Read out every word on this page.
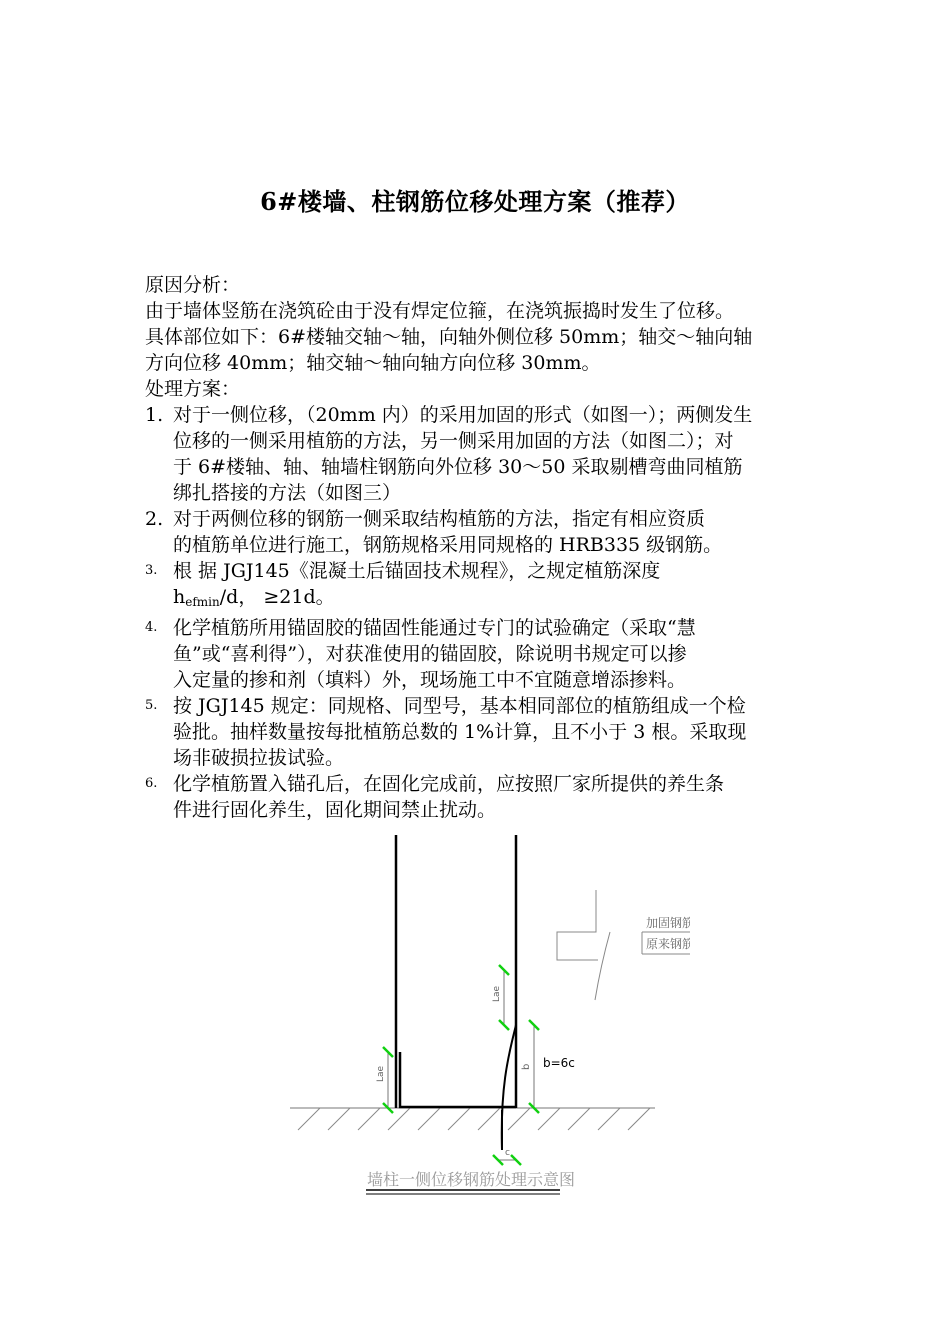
6#楼墙、柱钢筋位移处理方案（推荐）
原因分析：
由于墙体竖筋在浇筑砼由于没有焊定位箍，在浇筑振捣时发生了位移。
具体部位如下：6#楼轴交轴～轴，向轴外侧位移 50mm；轴交～轴向轴
方向位移 40mm；轴交轴～轴向轴方向位移 30mm。
处理方案：
1. 对于一侧位移，（20mm 内）的采用加固的形式（如图一）；两侧发生
位移的一侧采用植筋的方法，另一侧采用加固的方法（如图二）；对
于 6#楼轴、轴、轴墙柱钢筋向外位移 30～50 采取剔槽弯曲同植筋
绑扎搭接的方法（如图三）
2. 对于两侧位移的钢筋一侧采取结构植筋的方法，指定有相应资质
的植筋单位进行施工，钢筋规格采用同规格的 HRB335 级钢筋。
3. 根 据 JGJ145《混凝土后锚固技术规程》，之规定植筋深度
$h_{efmin}/d$， ≥21d。
4. 化学植筋所用锚固胶的锚固性能通过专门的试验确定（采取“慧
鱼”或“喜利得”），对获准使用的锚固胶，除说明书规定可以掺
入定量的掺和剂（填料）外，现场施工中不宜随意增添掺料。
5. 按 JGJ145 规定：同规格、同型号，基本相同部位的植筋组成一个检
验批。抽样数量按每批植筋总数的 1%计算，且不小于 3 根。采取现
场非破损拉拔试验。
6. 化学植筋置入锚孔后，在固化完成前，应按照厂家所提供的养生条
件进行固化养生，固化期间禁止扰动。
Lae
Lae
b b=6c
c
加固钢筋
原来钢筋
墙柱一侧位移钢筋处理示意图
